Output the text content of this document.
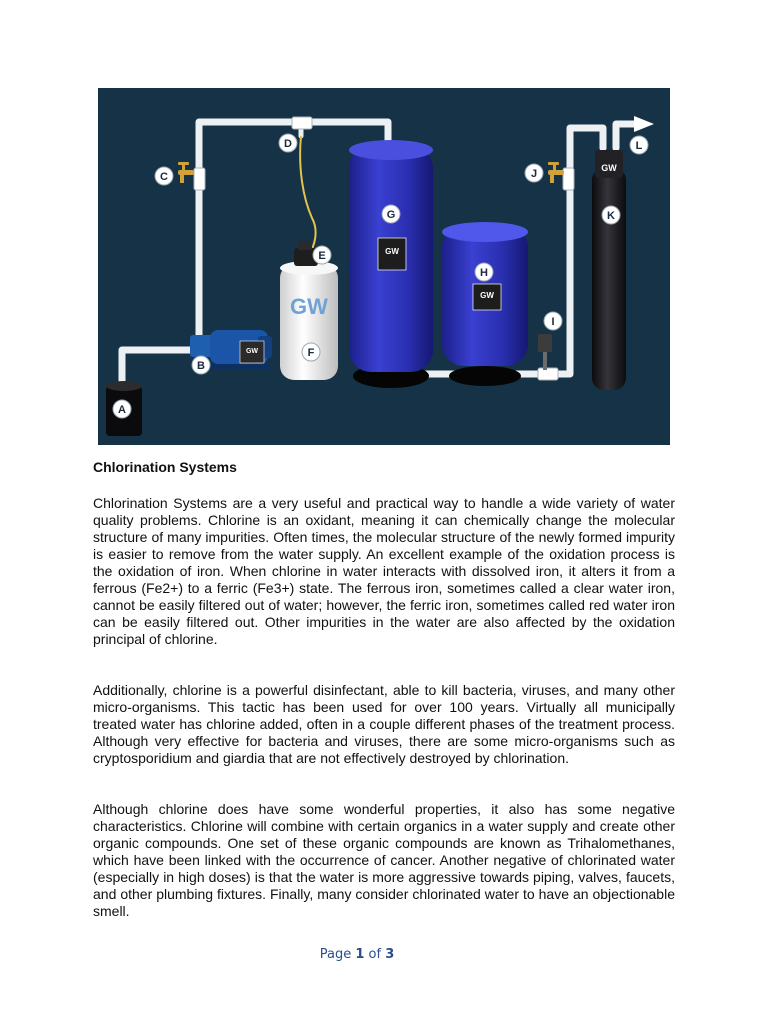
GW
GW
GW
GW
GW
A
B
C
D
E
F
G
H
I
J
K
L
Chlorination Systems

Chlorination Systems are a very useful and practical way to handle a wide variety of water quality problems. Chlorine is an oxidant, meaning it can chemically change the molecular structure of many impurities. Often times, the molecular structure of the newly formed impurity is easier to remove from the water supply. An excellent example of the oxidation process is the oxidation of iron. When chlorine in water interacts with dissolved iron, it alters it from a ferrous (Fe2+) to a ferric (Fe3+) state. The ferrous iron, sometimes called a clear water iron, cannot be easily filtered out of water; however, the ferric iron, sometimes called red water iron can be easily filtered out. Other impurities in the water are also affected by the oxidation principal of chlorine.

Additionally, chlorine is a powerful disinfectant, able to kill bacteria, viruses, and many other micro-organisms. This tactic has been used for over 100 years. Virtually all municipally treated water has chlorine added, often in a couple different phases of the treatment process. Although very effective for bacteria and viruses, there are some micro-organisms such as cryptosporidium and giardia that are not effectively destroyed by chlorination.

Although chlorine does have some wonderful properties, it also has some negative characteristics. Chlorine will combine with certain organics in a water supply and create other organic compounds. One set of these organic compounds are known as Trihalomethanes, which have been linked with the occurrence of cancer. Another negative of chlorinated water (especially in high doses) is that the water is more aggressive towards piping, valves, faucets, and other plumbing fixtures. Finally, many consider chlorinated water to have an objectionable smell.

Page 1 of 3
